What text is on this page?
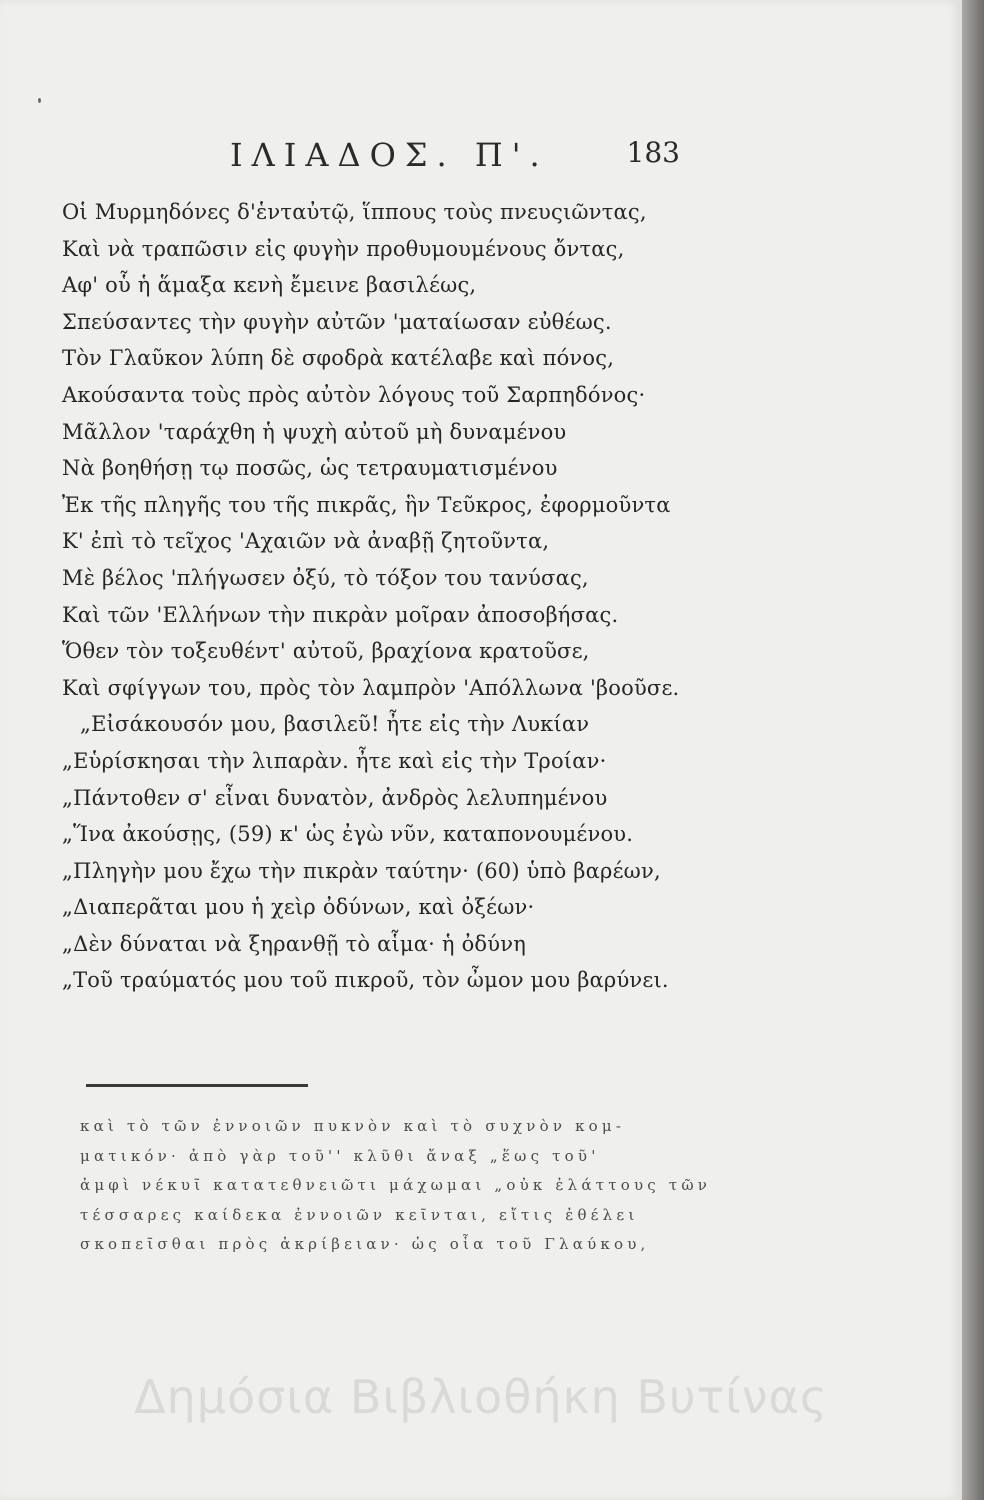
ΙΛΙΑΔΟΣ. Π'.	183
Οἱ Μυρμηδόνες δ'ἑνταὐτῷ, ἵππους τοὺς πνευςιῶντας,
Καὶ νὰ τραπῶσιν εἰς φυγὴν προθυμουμένους ὄντας,
Αφ' οὗ ἡ ἅμαξα κενὴ ἔμεινε βασιλέως,
Σπεύσαντες τὴν φυγὴν αὐτῶν 'ματαίωσαν εὐθέως.
Τὸν Γλαῦκον λύπη δὲ σφοδρὰ κατέλαβε καὶ πόνος,
Ακούσαντα τοὺς πρὸς αὐτὸν λόγους τοῦ Σαρπηδόνος·
Μᾶλλον 'ταράχθη ἡ ψυχὴ αὐτοῦ μὴ δυναμένου
Νὰ βοηθήσῃ τῳ ποσῶς, ὡς τετραυματισμένου
Ἐκ τῆς πληγῆς του τῆς πικρᾶς, ἣν Τεῦκρος, ἐφορμοῦντα
Κ' ἐπὶ τὸ τεῖχος 'Αχαιῶν νὰ ἀναβῇ ζητοῦντα,
Μὲ βέλος 'πλήγωσεν ὀξύ, τὸ τόξον του τανύσας,
Καὶ τῶν 'Ελλήνων τὴν πικρὰν μοῖραν ἀποσοβήσας.
Ὅθεν τὸν τοξευθέντ' αὐτοῦ, βραχίονα κρατοῦσε,
Καὶ σφίγγων του, πρὸς τὸν λαμπρὸν 'Απόλλωνα 'βοοῦσε.
„Εἰσάκουσόν μου, βασιλεῦ! ἦτε εἰς τὴν Λυκίαν
„Εὑρίσκησαι τὴν λιπαρὰν. ἦτε καὶ εἰς τὴν Τροίαν·
„Πάντοθεν σ' εἶναι δυνατὸν, ἀνδρὸς λελυπημένου
„Ἵνα ἀκούσῃς, (59) κ' ὡς ἐγὼ νῦν, καταπονουμένου.
„Πληγὴν μου ἔχω τὴν πικρὰν ταύτην· (60) ὑπὸ βαρέων,
„Διαπερᾶται μου ἡ χεὶρ ὀδύνων, καὶ ὀξέων·
„Δὲν δύναται νὰ ξηρανθῇ τὸ αἷμα· ἡ ὀδύνη
„Τοῦ τραύματός μου τοῦ πικροῦ, τὸν ὦμον μου βαρύνει.
καὶ τὸ τῶν ἐννοιῶν πυκνὸν καὶ τὸ συχνὸν κομ-
ματικόν· ἀπὸ γὰρ τοῦ'' κλῦθι ἄναξ „ἕως τοῦ'
ἀμφὶ νέκυῖ κατατεθνειῶτι μάχωμαι „οὐκ ἐλάττους τῶν
τέσσαρες καίδεκα ἐννοιῶν κεῖνται, εἴτις ἐθέλει
σκοπεῖσθαι πρὸς ἀκρίβειαν· ὡς οἷα τοῦ Γλαύκου,
Δημόσια Βιβλιοθήκη Βυτίνας
